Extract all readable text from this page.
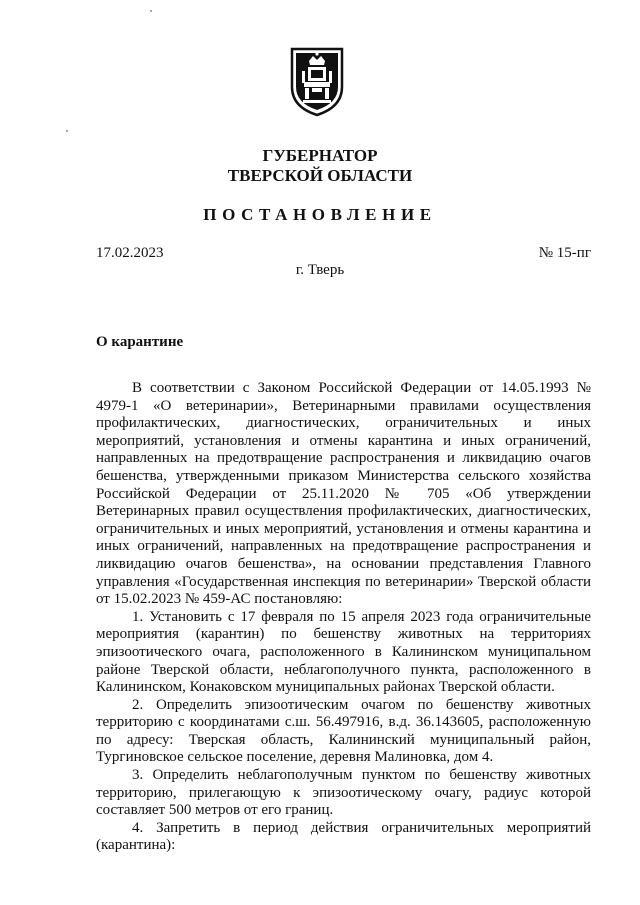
ГУБЕРНАТОР
ТВЕРСКОЙ ОБЛАСТИ
ПОСТАНОВЛЕНИЕ
17.02.2023	№ 15-пг
г. Тверь
О карантине

В соответствии с Законом Российской Федерации от 14.05.1993 № 4979-1 «О ветеринарии», Ветеринарными правилами осуществления профилактических, диагностических, ограничительных и иных мероприятий, установления и отмены карантина и иных ограничений, направленных на предотвращение распространения и ликвидацию очагов бешенства, утвержденными приказом Министерства сельского хозяйства Российской Федерации от 25.11.2020 № 705 «Об утверждении Ветеринарных правил осуществления профилактических, диагностических, ограничительных и иных мероприятий, установления и отмены карантина и иных ограничений, направленных на предотвращение распространения и ликвидацию очагов бешенства», на основании представления Главного управления «Государственная инспекция по ветеринарии» Тверской области от 15.02.2023 № 459-АС постановляю:

1. Установить с 17 февраля по 15 апреля 2023 года ограничительные мероприятия (карантин) по бешенству животных на территориях эпизоотического очага, расположенного в Калининском муниципальном районе Тверской области, неблагополучного пункта, расположенного в Калининском, Конаковском муниципальных районах Тверской области.

2. Определить эпизоотическим очагом по бешенству животных территорию с координатами с.ш. 56.497916, в.д. 36.143605, расположенную по адресу: Тверская область, Калининский муниципальный район, Тургиновское сельское поселение, деревня Малиновка, дом 4.

3. Определить неблагополучным пунктом по бешенству животных территорию, прилегающую к эпизоотическому очагу, радиус которой составляет 500 метров от его границ.

4. Запретить в период действия ограничительных мероприятий (карантина):
